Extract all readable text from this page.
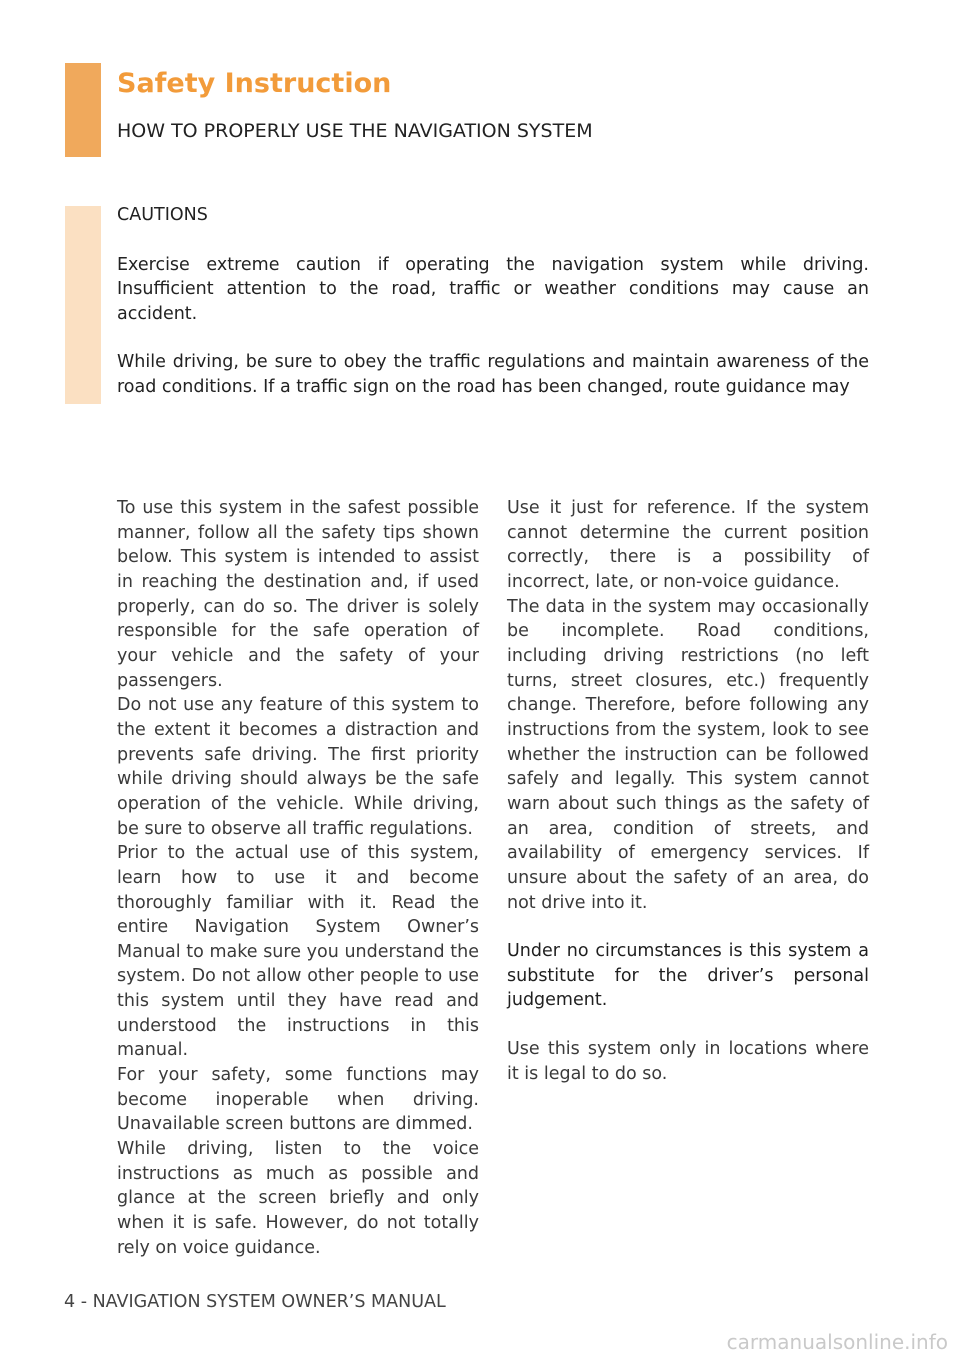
Safety Instruction
HOW TO PROPERLY USE THE NAVIGATION SYSTEM

CAUTIONS

Exercise extreme caution if operating the navigation system while driving. Insufficient attention to the road, traffic or weather conditions may cause an accident.

While driving, be sure to obey the traffic regulations and maintain awareness of the road conditions. If a traffic sign on the road has been changed, route guidance may

To use this system in the safest possible manner, follow all the safety tips shown below. This system is intended to assist in reaching the destination and, if used properly, can do so. The driver is solely responsible for the safe operation of your vehicle and the safety of your passengers.

Do not use any feature of this system to the extent it becomes a distraction and prevents safe driving. The first priority while driving should always be the safe operation of the vehicle. While driving, be sure to observe all traffic regulations.

Prior to the actual use of this system, learn how to use it and become thoroughly familiar with it. Read the entire Navigation System Owner’s Manual to make sure you understand the system. Do not allow other people to use this system until they have read and understood the instructions in this manual.

For your safety, some functions may become inoperable when driving. Unavailable screen buttons are dimmed.

While driving, listen to the voice instructions as much as possible and glance at the screen briefly and only when it is safe. However, do not totally rely on voice guidance.

Use it just for reference. If the system cannot determine the current position correctly, there is a possibility of incorrect, late, or non-voice guidance.

The data in the system may occasionally be incomplete. Road conditions, including driving restrictions (no left turns, street closures, etc.) frequently change. Therefore, before following any instructions from the system, look to see whether the instruction can be followed safely and legally. This system cannot warn about such things as the safety of an area, condition of streets, and availability of emergency services. If unsure about the safety of an area, do not drive into it.

Under no circumstances is this system a substitute for the driver’s personal judgement.

Use this system only in locations where it is legal to do so.

4 - NAVIGATION SYSTEM OWNER’S MANUAL
carmanualsonline.info
